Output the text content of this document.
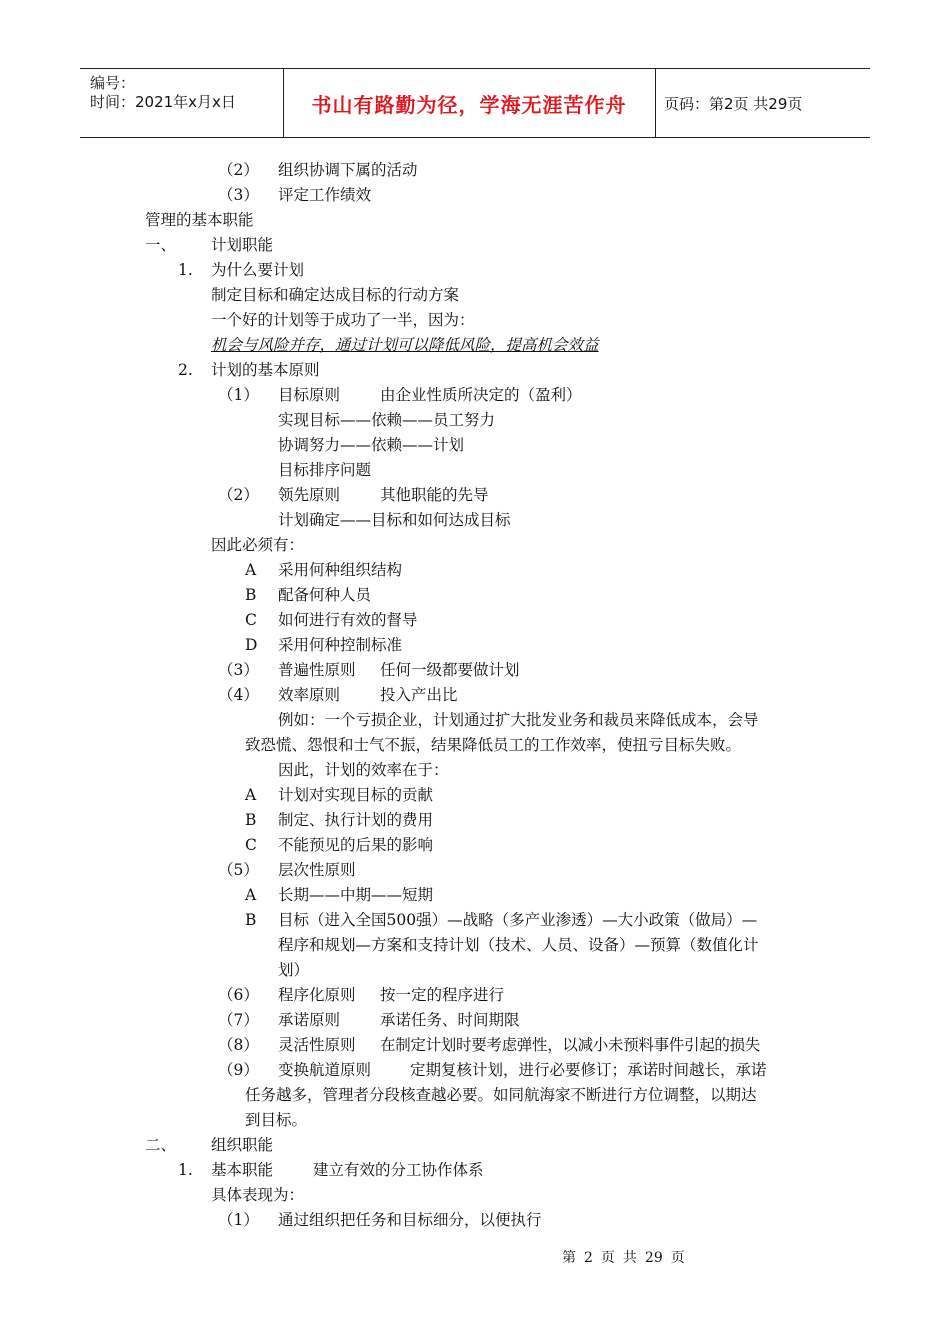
编号：
时间：2021年x月x日	书山有路勤为径，学海无涯苦作舟	页码：第2页 共29页
（2） 组织协调下属的活动
（3） 评定工作绩效
管理的基本职能
一、 计划职能
1. 为什么要计划
制定目标和确定达成目标的行动方案
一个好的计划等于成功了一半，因为：
机会与风险并存，通过计划可以降低风险，提高机会效益
2. 计划的基本原则
（1） 目标原则	由企业性质所决定的（盈利）
实现目标——依赖——员工努力
协调努力——依赖——计划
目标排序问题
（2） 领先原则	其他职能的先导
计划确定——目标和如何达成目标
因此必须有：
A 采用何种组织结构
B 配备何种人员
C 如何进行有效的督导
D 采用何种控制标准
（3） 普遍性原则 任何一级都要做计划
（4） 效率原则	投入产出比
例如：一个亏损企业，计划通过扩大批发业务和裁员来降低成本，会导
致恐慌、怨恨和士气不振，结果降低员工的工作效率，使扭亏目标失败。
因此，计划的效率在于：
A 计划对实现目标的贡献
B 制定、执行计划的费用
C 不能预见的后果的影响
（5） 层次性原则
A 长期——中期——短期
B 目标（进入全国500强）—战略（多产业渗透）—大小政策（做局）—
程序和规划—方案和支持计划（技术、人员、设备）—预算（数值化计
划）
（6） 程序化原则 按一定的程序进行
（7） 承诺原则	承诺任务、时间期限
（8） 灵活性原则 在制定计划时要考虑弹性，以减小未预料事件引起的损失
（9） 变换航道原则	定期复核计划，进行必要修订；承诺时间越长，承诺
任务越多，管理者分段核查越必要。如同航海家不断进行方位调整，以期达
到目标。
二、 组织职能
1. 基本职能	建立有效的分工协作体系
具体表现为：
（1） 通过组织把任务和目标细分，以便执行
第 2 页 共 29 页
